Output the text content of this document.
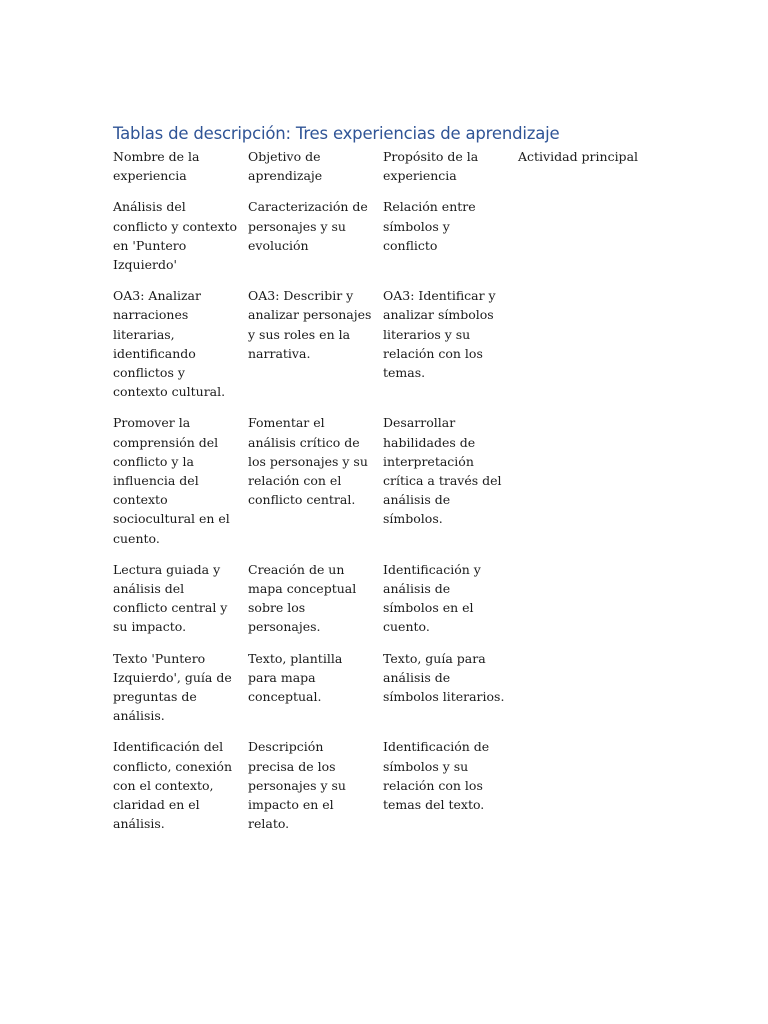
Tablas de descripción: Tres experiencias de aprendizaje
Nombre de la experiencia	Objetivo de aprendizaje	Propósito de la experiencia	Actividad principal
Análisis del conflicto y contexto en 'Puntero Izquierdo'	Caracterización de personajes y su evolución	Relación entre símbolos y conflicto	
OA3: Analizar narraciones literarias, identificando conflictos y contexto cultural.	OA3: Describir y analizar personajes y sus roles en la narrativa.	OA3: Identificar y analizar símbolos literarios y su relación con los temas.	
Promover la comprensión del conflicto y la influencia del contexto sociocultural en el cuento.	Fomentar el análisis crítico de los personajes y su relación con el conflicto central.	Desarrollar habilidades de interpretación crítica a través del análisis de símbolos.	
Lectura guiada y análisis del conflicto central y su impacto.	Creación de un mapa conceptual sobre los personajes.	Identificación y análisis de símbolos en el cuento.	
Texto 'Puntero Izquierdo', guía de preguntas de análisis.	Texto, plantilla para mapa conceptual.	Texto, guía para análisis de símbolos literarios.	
Identificación del conflicto, conexión con el contexto, claridad en el análisis.	Descripción precisa de los personajes y su impacto en el relato.	Identificación de símbolos y su relación con los temas del texto.	
